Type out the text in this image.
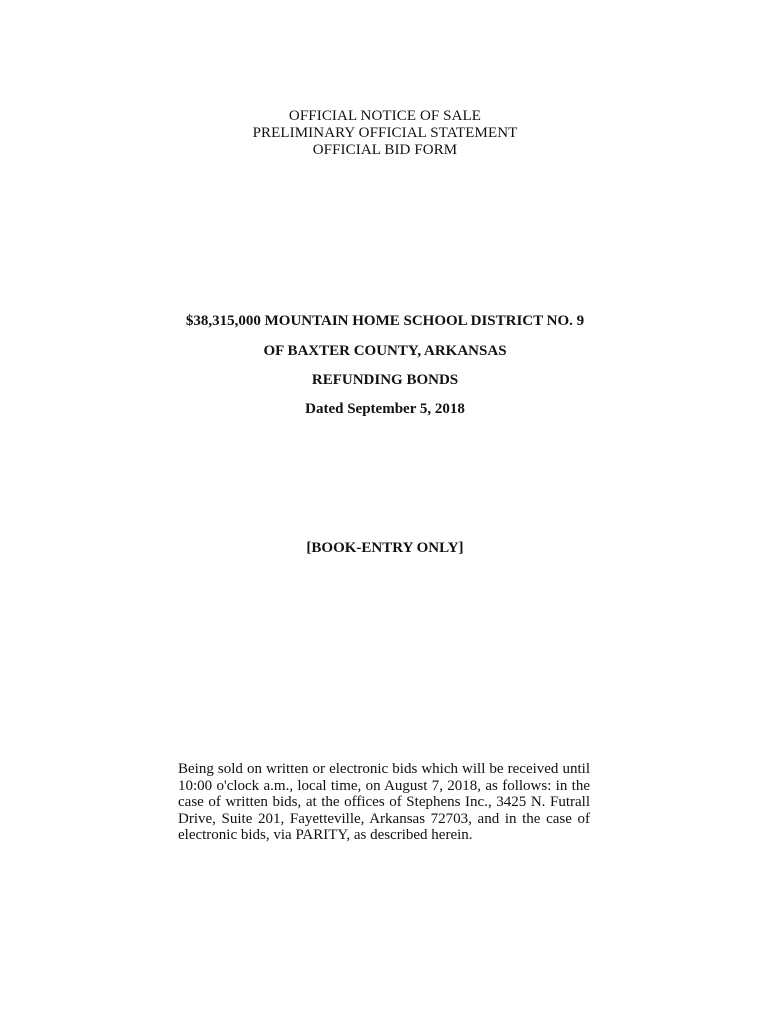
OFFICIAL NOTICE OF SALE
PRELIMINARY OFFICIAL STATEMENT
OFFICIAL BID FORM
$38,315,000 MOUNTAIN HOME SCHOOL DISTRICT NO. 9
OF BAXTER COUNTY, ARKANSAS
REFUNDING BONDS
Dated September 5, 2018
[BOOK-ENTRY ONLY]
Being sold on written or electronic bids which will be received until
10:00 o'clock a.m., local time, on August 7, 2018, as follows: in the
case of written bids, at the offices of Stephens Inc., 3425 N. Futrall
Drive, Suite 201, Fayetteville, Arkansas 72703, and in the case of
electronic bids, via PARITY, as described herein.
